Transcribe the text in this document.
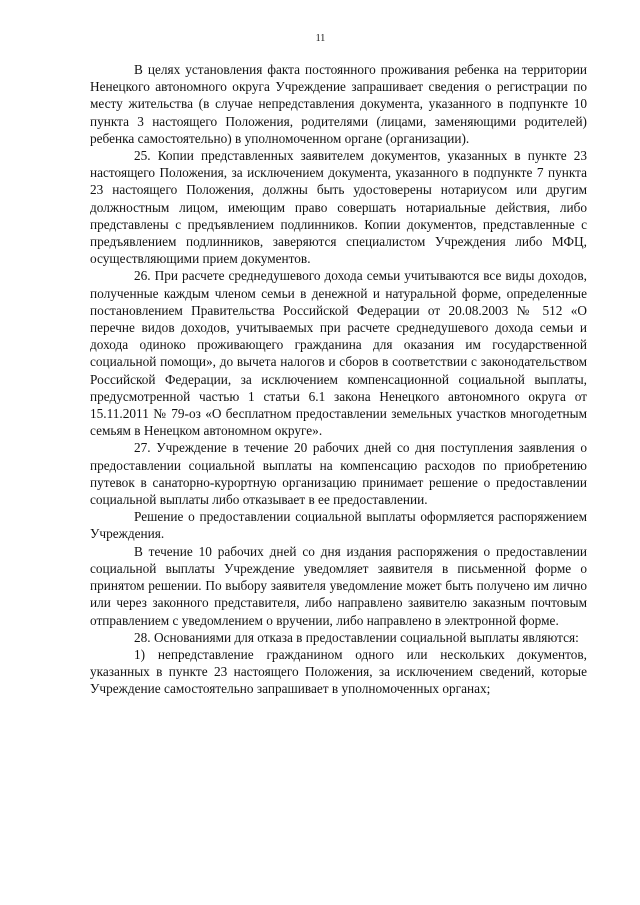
11

В целях установления факта постоянного проживания ребенка на территории Ненецкого автономного округа Учреждение запрашивает сведения о регистрации по месту жительства (в случае непредставления документа, указанного в подпункте 10 пункта 3 настоящего Положения, родителями (лицами, заменяющими родителей) ребенка самостоятельно) в уполномоченном органе (организации).

25. Копии представленных заявителем документов, указанных в пункте 23 настоящего Положения, за исключением документа, указанного в подпункте 7 пункта 23 настоящего Положения, должны быть удостоверены нотариусом или другим должностным лицом, имеющим право совершать нотариальные действия, либо представлены с предъявлением подлинников. Копии документов, представленные с предъявлением подлинников, заверяются специалистом Учреждения либо МФЦ, осуществляющими прием документов.

26. При расчете среднедушевого дохода семьи учитываются все виды доходов, полученные каждым членом семьи в денежной и натуральной форме, определенные постановлением Правительства Российской Федерации от 20.08.2003 № 512 «О перечне видов доходов, учитываемых при расчете среднедушевого дохода семьи и дохода одиноко проживающего гражданина для оказания им государственной социальной помощи», до вычета налогов и сборов в соответствии с законодательством Российской Федерации, за исключением компенсационной социальной выплаты, предусмотренной частью 1 статьи 6.1 закона Ненецкого автономного округа от 15.11.2011 № 79-оз «О бесплатном предоставлении земельных участков многодетным семьям в Ненецком автономном округе».

27. Учреждение в течение 20 рабочих дней со дня поступления заявления о предоставлении социальной выплаты на компенсацию расходов по приобретению путевок в санаторно-курортную организацию принимает решение о предоставлении социальной выплаты либо отказывает в ее предоставлении.

Решение о предоставлении социальной выплаты оформляется распоряжением Учреждения.

В течение 10 рабочих дней со дня издания распоряжения о предоставлении социальной выплаты Учреждение уведомляет заявителя в письменной форме о принятом решении. По выбору заявителя уведомление может быть получено им лично или через законного представителя, либо направлено заявителю заказным почтовым отправлением с уведомлением о вручении, либо направлено в электронной форме.

28. Основаниями для отказа в предоставлении социальной выплаты являются:

1) непредставление гражданином одного или нескольких документов, указанных в пункте 23 настоящего Положения, за исключением сведений, которые Учреждение самостоятельно запрашивает в уполномоченных органах;
